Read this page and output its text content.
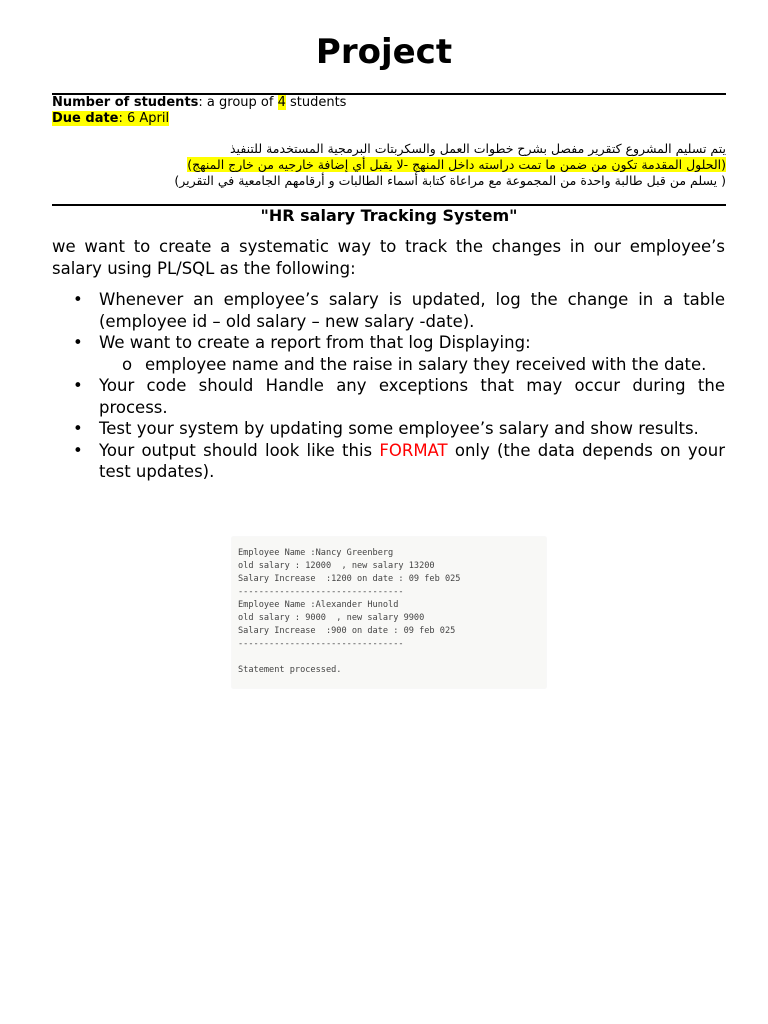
Project
Number of students: a group of 4 students
Due date: 6 April
يتم تسليم المشروع كتقرير مفصل بشرح خطوات العمل والسكربتات البرمجية المستخدمة للتنفيذ
(الحلول المقدمة تكون من ضمن ما تمت دراسته داخل المنهج -لا يقبل أي إضافة خارجيه من خارج المنهج)
( يسلم من قبل طالبة واحدة من المجموعة مع مراعاة كتابة أسماء الطالبات و أرقامهم الجامعية في التقرير)
"HR salary Tracking System"
we want to create a systematic way to track the changes in our employee’s salary using PL/SQL as the following:
• Whenever an employee’s salary is updated, log the change in a table (employee id – old salary – new salary -date).
• We want to create a report from that log Displaying:
o employee name and the raise in salary they received with the date.
• Your code should Handle any exceptions that may occur during the process.
• Test your system by updating some employee’s salary and show results.
• Your output should look like this FORMAT only (the data depends on your test updates).
Employee Name :Nancy Greenberg
old salary : 12000  , new salary 13200
Salary Increase  :1200 on date : 09 feb 025
--------------------------------
Employee Name :Alexander Hunold
old salary : 9000  , new salary 9900
Salary Increase  :900 on date : 09 feb 025
--------------------------------

Statement processed.
